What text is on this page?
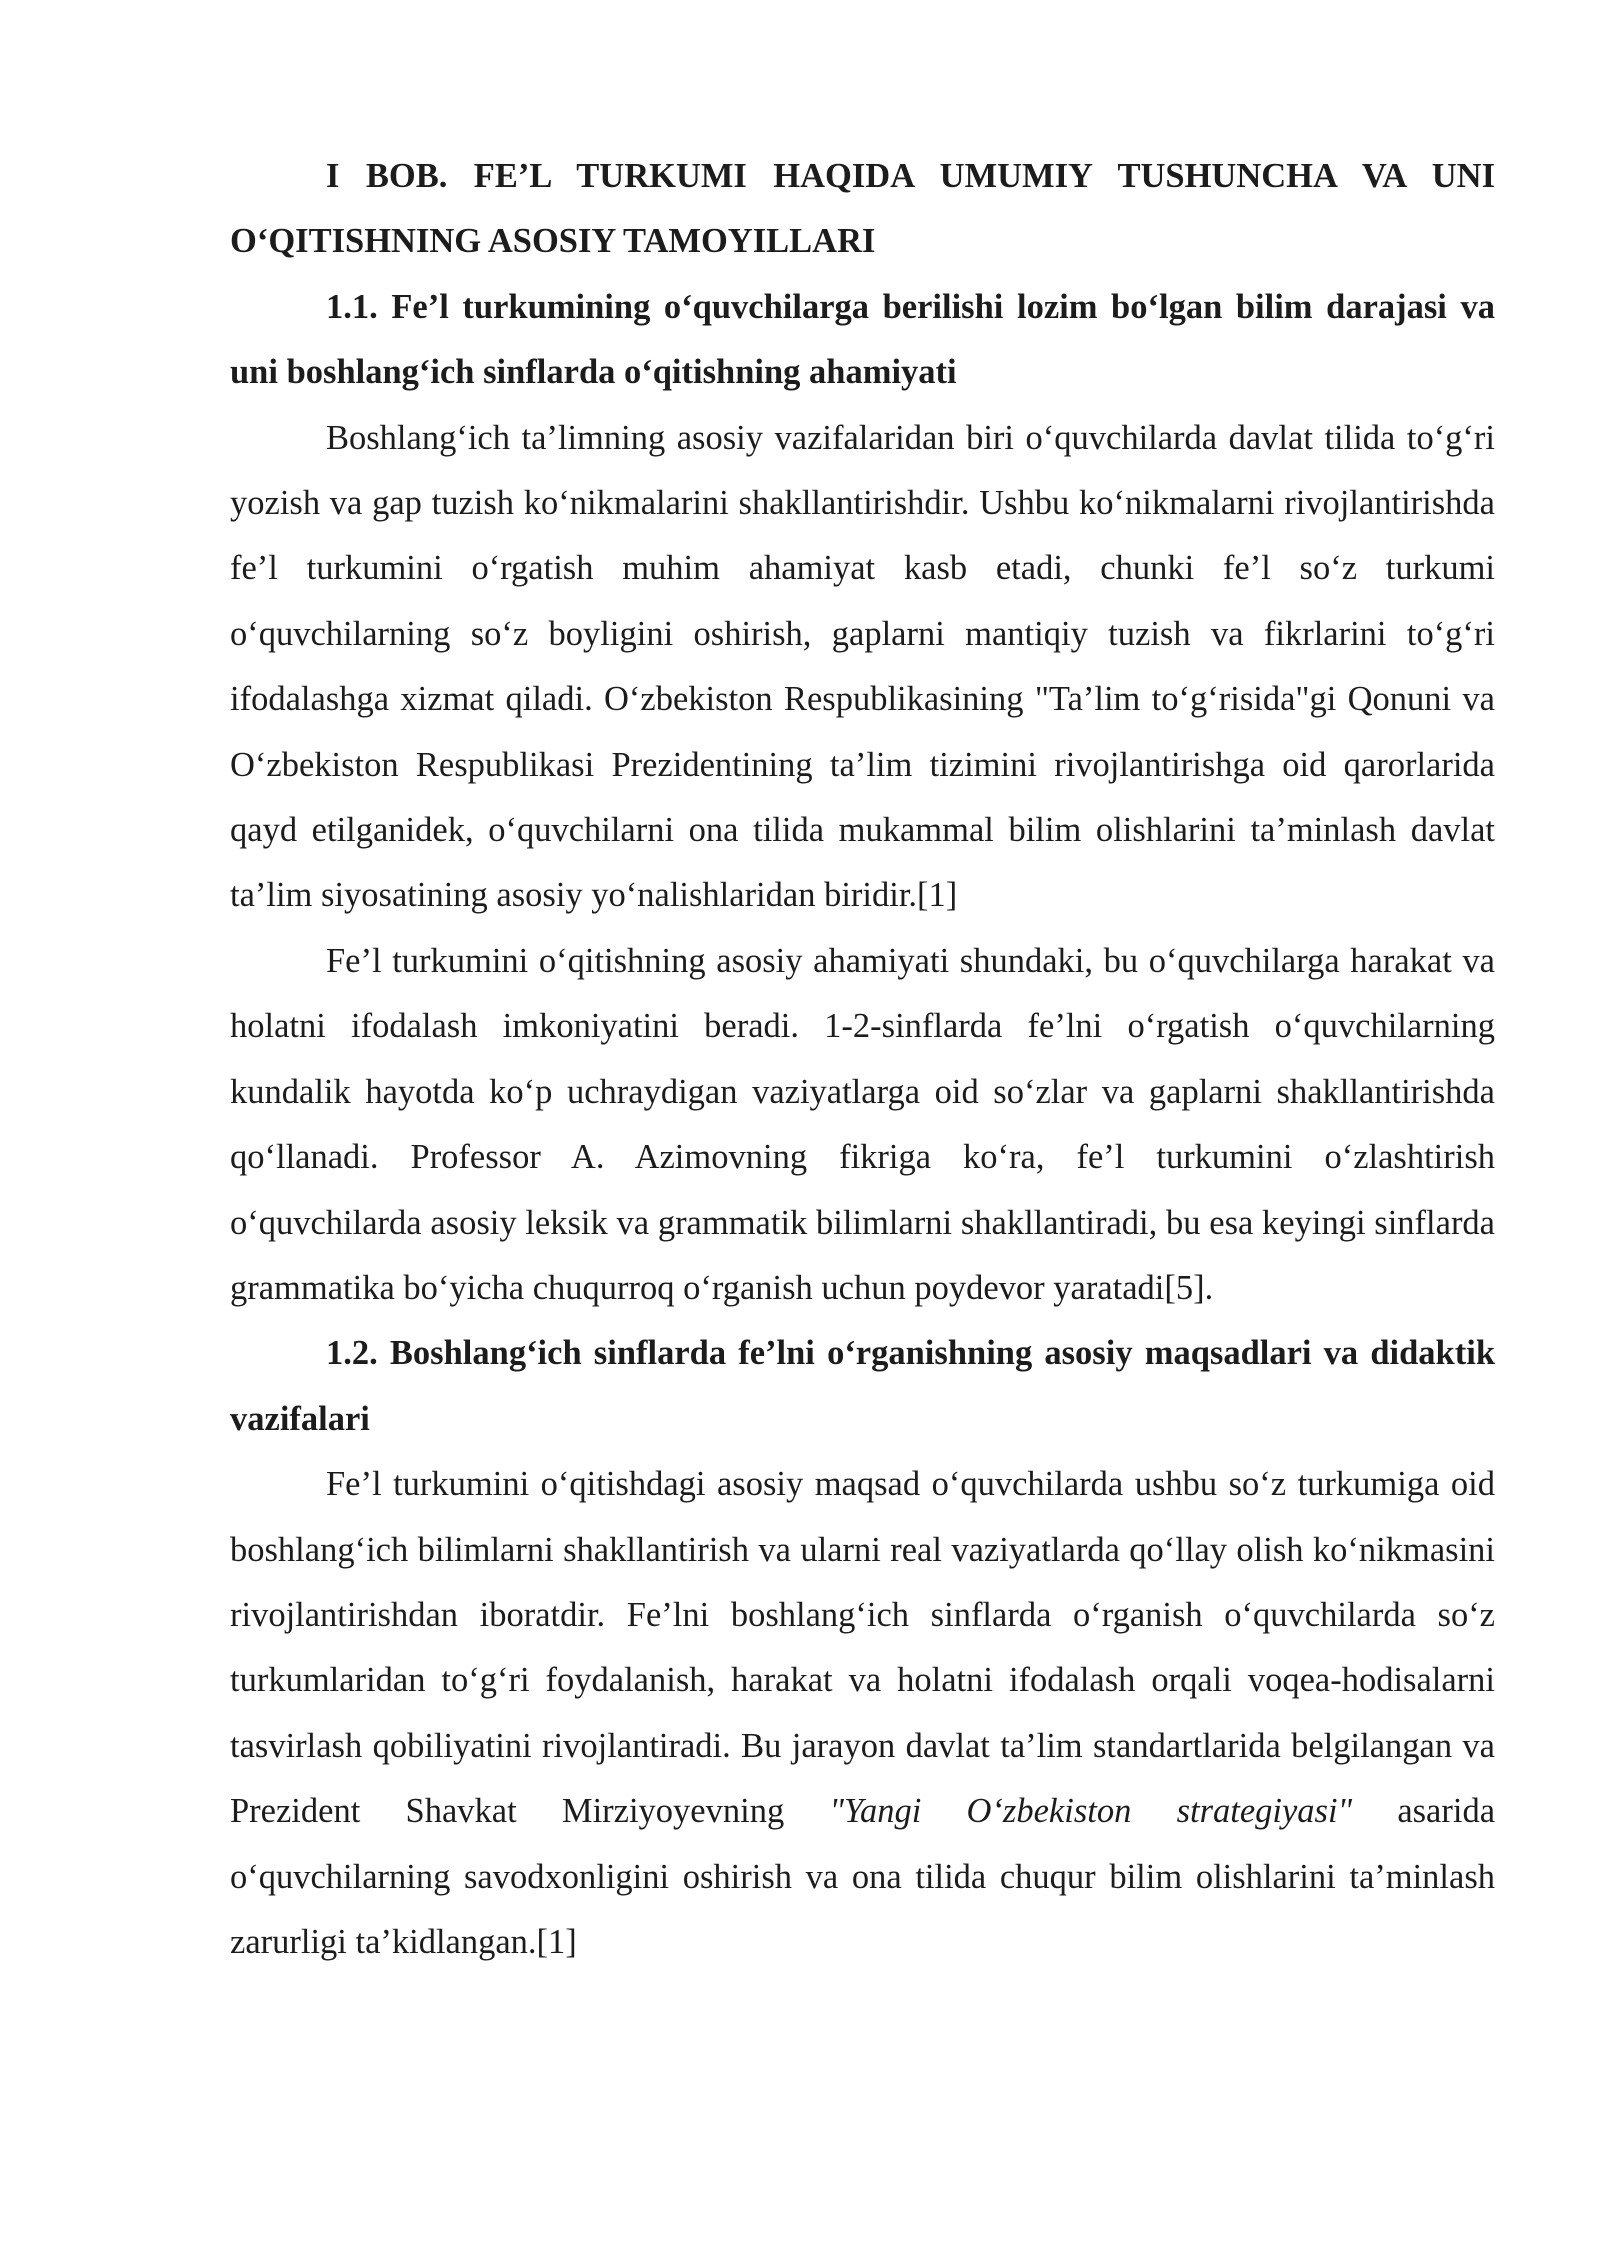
I BOB. FE’L TURKUMI HAQIDA UMUMIY TUSHUNCHA VA UNI O‘QITISHNING ASOSIY TAMOYILLARI

1.1. Fe’l turkumining o‘quvchilarga berilishi lozim bo‘lgan bilim darajasi va uni boshlang‘ich sinflarda o‘qitishning ahamiyati

Boshlang‘ich ta’limning asosiy vazifalaridan biri o‘quvchilarda davlat tilida to‘g‘ri yozish va gap tuzish ko‘nikmalarini shakllantirishdir. Ushbu ko‘nikmalarni rivojlantirishda fe’l turkumini o‘rgatish muhim ahamiyat kasb etadi, chunki fe’l so‘z turkumi o‘quvchilarning so‘z boyligini oshirish, gaplarni mantiqiy tuzish va fikrlarini to‘g‘ri ifodalashga xizmat qiladi. O‘zbekiston Respublikasining "Ta’lim to‘g‘risida"gi Qonuni va O‘zbekiston Respublikasi Prezidentining ta’lim tizimini rivojlantirishga oid qarorlarida qayd etilganidek, o‘quvchilarni ona tilida mukammal bilim olishlarini ta’minlash davlat ta’lim siyosatining asosiy yo‘nalishlaridan biridir.[1]

Fe’l turkumini o‘qitishning asosiy ahamiyati shundaki, bu o‘quvchilarga harakat va holatni ifodalash imkoniyatini beradi. 1-2-sinflarda fe’lni o‘rgatish o‘quvchilarning kundalik hayotda ko‘p uchraydigan vaziyatlarga oid so‘zlar va gaplarni shakllantirishda qo‘llanadi. Professor A. Azimovning fikriga ko‘ra, fe’l turkumini o‘zlashtirish o‘quvchilarda asosiy leksik va grammatik bilimlarni shakllantiradi, bu esa keyingi sinflarda grammatika bo‘yicha chuqurroq o‘rganish uchun poydevor yaratadi[5].

1.2. Boshlang‘ich sinflarda fe’lni o‘rganishning asosiy maqsadlari va didaktik vazifalari

Fe’l turkumini o‘qitishdagi asosiy maqsad o‘quvchilarda ushbu so‘z turkumiga oid boshlang‘ich bilimlarni shakllantirish va ularni real vaziyatlarda qo‘llay olish ko‘nikmasini rivojlantirishdan iboratdir. Fe’lni boshlang‘ich sinflarda o‘rganish o‘quvchilarda so‘z turkumlaridan to‘g‘ri foydalanish, harakat va holatni ifodalash orqali voqea-hodisalarni tasvirlash qobiliyatini rivojlantiradi. Bu jarayon davlat ta’lim standartlarida belgilangan va Prezident Shavkat Mirziyoyevning "Yangi O‘zbekiston strategiyasi" asarida o‘quvchilarning savodxonligini oshirish va ona tilida chuqur bilim olishlarini ta’minlash zarurligi ta’kidlangan.[1]
